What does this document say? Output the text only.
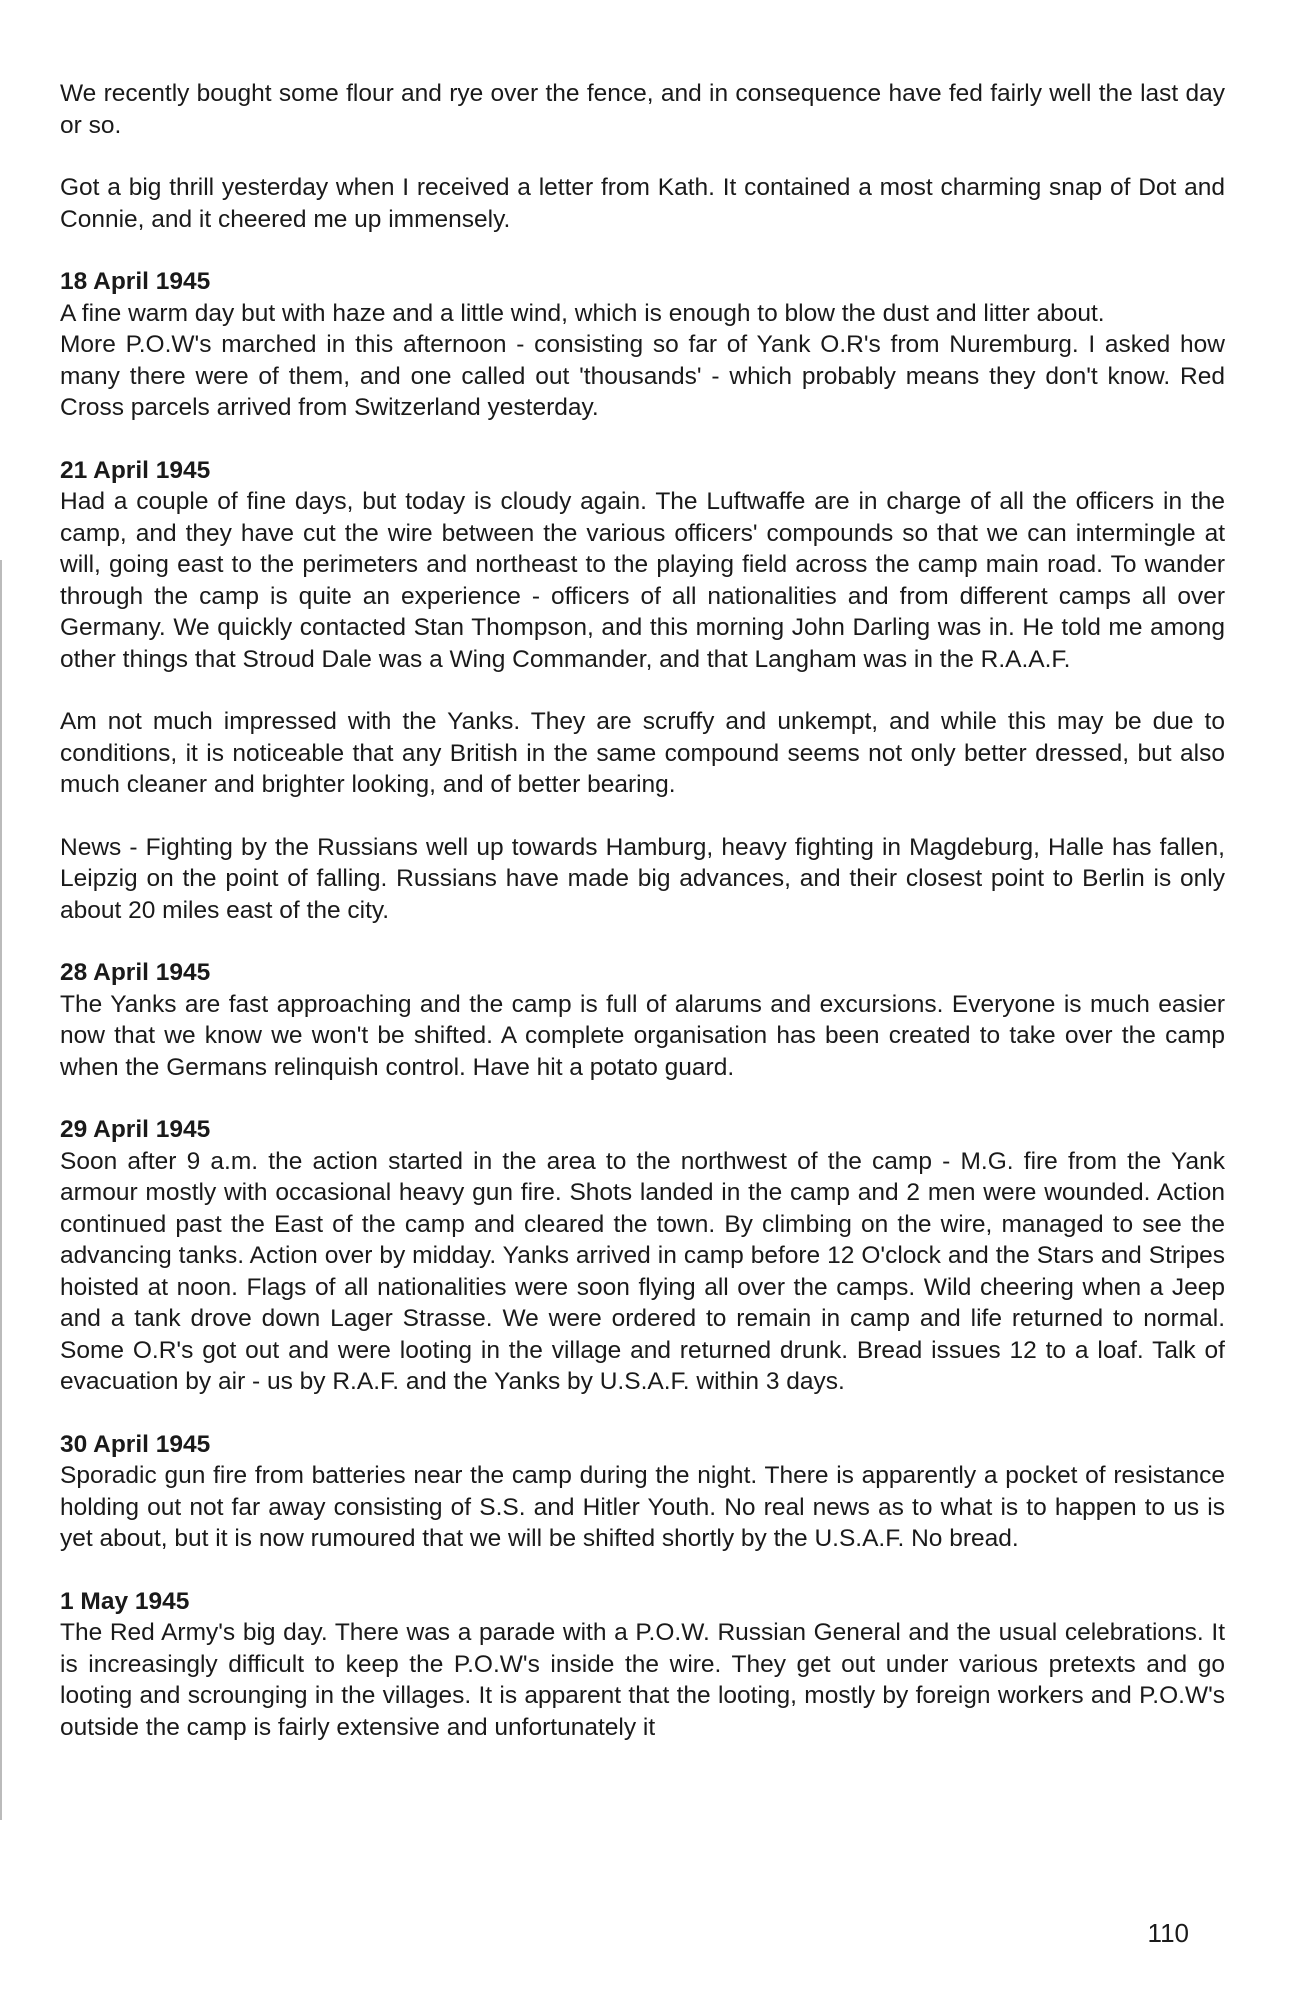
We recently bought some flour and rye over the fence, and in consequence have fed fairly well the last day or so.

Got a big thrill yesterday when I received a letter from Kath. It contained a most charming snap of Dot and Connie, and it cheered me up immensely.

18 April 1945

A fine warm day but with haze and a little wind, which is enough to blow the dust and litter about.

More P.O.W's marched in this afternoon - consisting so far of Yank O.R's from Nuremburg. I asked how many there were of them, and one called out 'thousands' - which probably means they don't know. Red Cross parcels arrived from Switzerland yesterday.

21 April 1945

Had a couple of fine days, but today is cloudy again. The Luftwaffe are in charge of all the officers in the camp, and they have cut the wire between the various officers' compounds so that we can intermingle at will, going east to the perimeters and northeast to the playing field across the camp main road. To wander through the camp is quite an experience - officers of all nationalities and from different camps all over Germany. We quickly contacted Stan Thompson, and this morning John Darling was in. He told me among other things that Stroud Dale was a Wing Commander, and that Langham was in the R.A.A.F.

Am not much impressed with the Yanks. They are scruffy and unkempt, and while this may be due to conditions, it is noticeable that any British in the same compound seems not only better dressed, but also much cleaner and brighter looking, and of better bearing.

News - Fighting by the Russians well up towards Hamburg, heavy fighting in Magdeburg, Halle has fallen, Leipzig on the point of falling. Russians have made big advances, and their closest point to Berlin is only about 20 miles east of the city.

28 April 1945

The Yanks are fast approaching and the camp is full of alarums and excursions. Everyone is much easier now that we know we won't be shifted. A complete organisation has been created to take over the camp when the Germans relinquish control. Have hit a potato guard.

29 April 1945

Soon after 9 a.m. the action started in the area to the northwest of the camp - M.G. fire from the Yank armour mostly with occasional heavy gun fire. Shots landed in the camp and 2 men were wounded. Action continued past the East of the camp and cleared the town. By climbing on the wire, managed to see the advancing tanks. Action over by midday. Yanks arrived in camp before 12 O'clock and the Stars and Stripes hoisted at noon. Flags of all nationalities were soon flying all over the camps. Wild cheering when a Jeep and a tank drove down Lager Strasse. We were ordered to remain in camp and life returned to normal. Some O.R's got out and were looting in the village and returned drunk. Bread issues 12 to a loaf. Talk of evacuation by air - us by R.A.F. and the Yanks by U.S.A.F. within 3 days.

30 April 1945

Sporadic gun fire from batteries near the camp during the night. There is apparently a pocket of resistance holding out not far away consisting of S.S. and Hitler Youth. No real news as to what is to happen to us is yet about, but it is now rumoured that we will be shifted shortly by the U.S.A.F. No bread.

1 May 1945

The Red Army's big day. There was a parade with a P.O.W. Russian General and the usual celebrations. It is increasingly difficult to keep the P.O.W's inside the wire. They get out under various pretexts and go looting and scrounging in the villages. It is apparent that the looting, mostly by foreign workers and P.O.W's outside the camp is fairly extensive and unfortunately it

110
